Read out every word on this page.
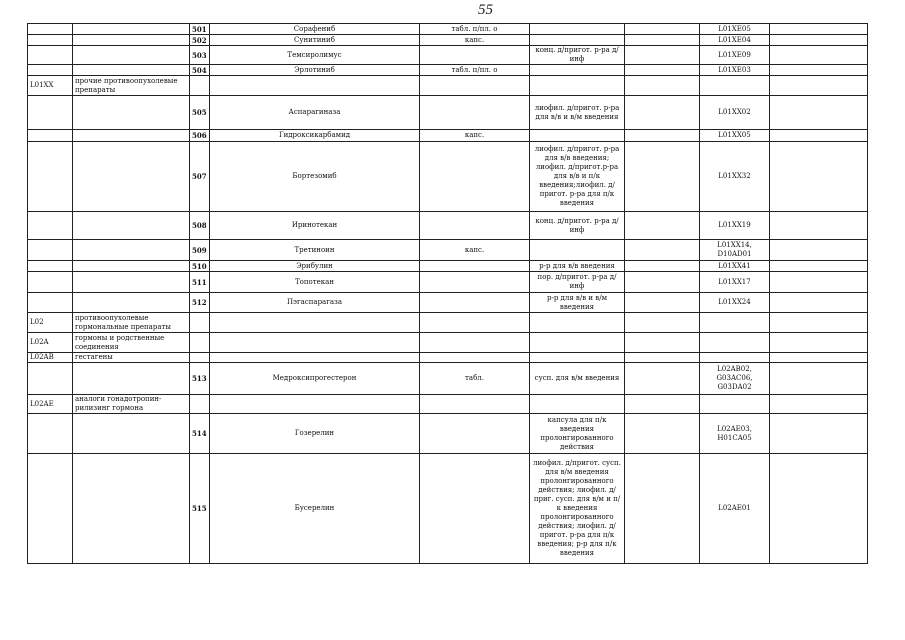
55
		501	Сорафениб	табл. п/пл. о			L01XE05	
		502	Сунитиниб	капс.			L01XE04	
		503	Темсиролимус		конц. д/пригот. р-ра д/инф		L01XE09	
		504	Эрлотиниб	табл. п/пл. о			L01XE03	
L01XX	прочие противоопухолевые препараты							
		505	Аспарагиназа		лиофил. д/пригот. р-ра для в/в и в/м введения		L01XX02	
		506	Гидроксикарбамид	капс.			L01XX05	
		507	Бортезомиб		лиофил. д/пригот. р-ра для в/в введения; лиофил. д/пригот.р-ра для в/в и п/к введения;лиофил. д/пригот. р-ра для п/к введения		L01XX32	
		508	Иринотекан		конц. д/пригот. р-ра д/инф		L01XX19	
		509	Третиноин	капс.			L01XX14, D10AD01	
		510	Эрибулин		р-р для в/в введения		L01XX41	
		511	Топотекан		пор. д/пригот. р-ра д/инф		L01XX17	
		512	Пэгаспарагаза		р-р для в/в и в/м введения		L01XX24	
L02	противоопухолевые гормональные препараты							
L02A	гормоны и родственные соединения							
L02AB	гестагены							
		513	Медроксипрогестерон	табл.	сусп. для в/м введения		L02AB02, G03AC06, G03DA02	
L02AE	аналоги гонадотропин-рилизинг гормона							
		514	Гозерелин		капсула для п/к введения пролонгированного действия		L02AE03, H01CA05	
		515	Бусерелин		лиофил. д/пригот. сусп. для в/м введения пролонгированного действия; лиофил. д/приг. сусп. для в/м и п/к введения пролонгированного действия; лиофил. д/пригот. р-ра для п/к введения; р-р для п/к введения		L02AE01	
